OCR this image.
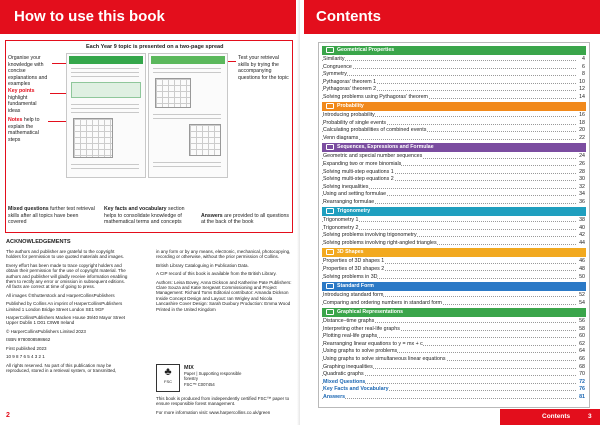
How to use this book
Each Year 9 topic is presented on a two-page spread
Organise your knowledge with concise explanations and examples
Key points highlight fundamental ideas
Notes help to explain the mathematical steps
Test your retrieval skills by trying the accompanying questions for the topic
Mixed questions further test retrieval skills after all topics have been covered
Key facts and vocabulary section helps to consolidate knowledge of mathematical terms and concepts
Answers are provided to all questions at the back of the book
ACKNOWLEDGEMENTS

The authors and publisher are grateful to the copyright holders for permission to use quoted materials and images.

Every effort has been made to trace copyright holders and obtain their permission for the use of copyright material. The authors and publisher will gladly receive information enabling them to rectify any error or omission in subsequent editions. All facts are correct at time of going to press.

All images ©Shutterstock and HarperCollinsPublishers

Published by Collins An imprint of HarperCollinsPublishers Limited 1 London Bridge Street London SE1 9GF

HarperCollinsPublishers Macken House 39/40 Mayor Street Upper Dublin 1 D01 C9W8 Ireland

© HarperCollinsPublishers Limited 2023

ISBN 9780008598662

First published 2023

10 9 8 7 6 5 4 3 2 1

All rights reserved. No part of this publication may be reproduced, stored in a retrieval system, or transmitted,

in any form or by any means, electronic, mechanical, photocopying, recording or otherwise, without the prior permission of Collins.

British Library Cataloguing in Publication Data.

A CIP record of this book is available from the British Library.

Authors: Leisa Bovey, Anna Dickson and Katherine Pate Publishers: Clare Souza and Katie Sergeant Commissioning and Project Management: Richard Toms Editorial contributor: Amanda Dickson Inside Concept Design and Layout: Ian Wrigley and Nicola Lancashire Cover Design: Sarah Duxbury Production: Emma Wood Printed in the United Kingdom

♣
FSC
MIX
Paper | Supporting responsible forestry
FSC™ C007454

This book is produced from independently certified FSC™ paper to ensure responsible forest management.

For more information visit: www.harpercollins.co.uk/green

2
Contents
Contents	3
Geometrical Properties
Similarity	4
Congruence	6
Symmetry	8
Pythagoras' theorem 1	10
Pythagoras' theorem 2	12
Solving problems using Pythagoras' theorem	14
Probability
Introducing probability	16
Probability of single events	18
Calculating probabilities of combined events	20
Venn diagrams	22
Sequences, Expressions and Formulae
Geometric and special number sequences	24
Expanding two or more binomials	26
Solving multi-step equations 1	28
Solving multi-step equations 2	30
Solving inequalities	32
Using and setting formulae	34
Rearranging formulae	36
Trigonometry
Trigonometry 1	38
Trigonometry 2	40
Solving problems involving trigonometry	42
Solving problems involving right-angled triangles	44
3D Shapes
Properties of 3D shapes 1	46
Properties of 3D shapes 2	48
Solving problems in 3D	50
Standard Form
Introducing standard form	52
Comparing and ordering numbers in standard form	54
Graphical Representations
Distance–time graphs	56
Interpreting other real-life graphs	58
Plotting real-life graphs	60
Rearranging linear equations to y = mx + c	62
Using graphs to solve problems	64
Using graphs to solve simultaneous linear equations	66
Graphing inequalities	68
Quadratic graphs	70
Mixed Questions	72
Key Facts and Vocabulary	76
Answers	81
